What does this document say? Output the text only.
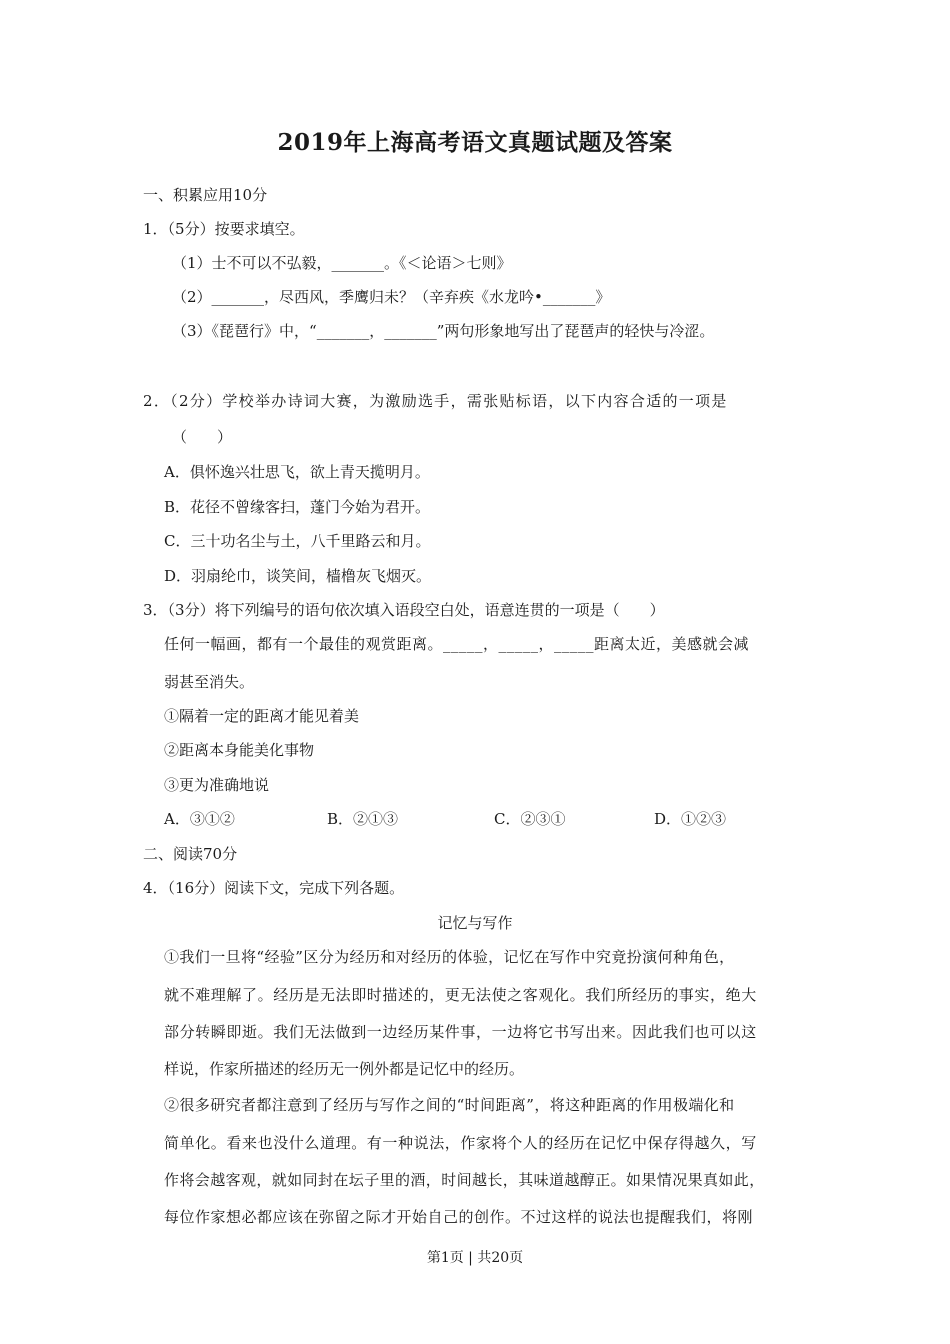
2019年上海高考语文真题试题及答案
一、积累应用10分
1．（5分）按要求填空。
（1）士不可以不弘毅，_______。《＜论语＞七则》
（2）_______，尽西风，季鹰归未？（辛弃疾《水龙吟•_______》
（3）《琵琶行》中，“_______，_______”两句形象地写出了琵琶声的轻快与冷涩。
2．（2分）学校举办诗词大赛，为激励选手，需张贴标语，以下内容合适的一项是
（　　）
A．俱怀逸兴壮思飞，欲上青天揽明月。
B．花径不曾缘客扫，蓬门今始为君开。
C．三十功名尘与土，八千里路云和月。
D．羽扇纶巾，谈笑间，樯橹灰飞烟灭。
3．（3分）将下列编号的语句依次填入语段空白处，语意连贯的一项是（　　）
任何一幅画，都有一个最佳的观赏距离。_____，_____，_____距离太近，美感就会减
弱甚至消失。
①隔着一定的距离才能见着美
②距离本身能美化事物
③更为准确地说
A．③①②	B．②①③	C．②③①	D．①②③
二、阅读70分
4．（16分）阅读下文，完成下列各题。
记忆与写作
①我们一旦将“经验”区分为经历和对经历的体验，记忆在写作中究竟扮演何种角色，
就不难理解了。经历是无法即时描述的，更无法使之客观化。我们所经历的事实，绝大
部分转瞬即逝。我们无法做到一边经历某件事，一边将它书写出来。因此我们也可以这
样说，作家所描述的经历无一例外都是记忆中的经历。
②很多研究者都注意到了经历与写作之间的“时间距离”，将这种距离的作用极端化和
简单化。看来也没什么道理。有一种说法，作家将个人的经历在记忆中保存得越久，写
作将会越客观，就如同封在坛子里的酒，时间越长，其味道越醇正。如果情况果真如此，
每位作家想必都应该在弥留之际才开始自己的创作。不过这样的说法也提醒我们，将刚
第1页 | 共20页
